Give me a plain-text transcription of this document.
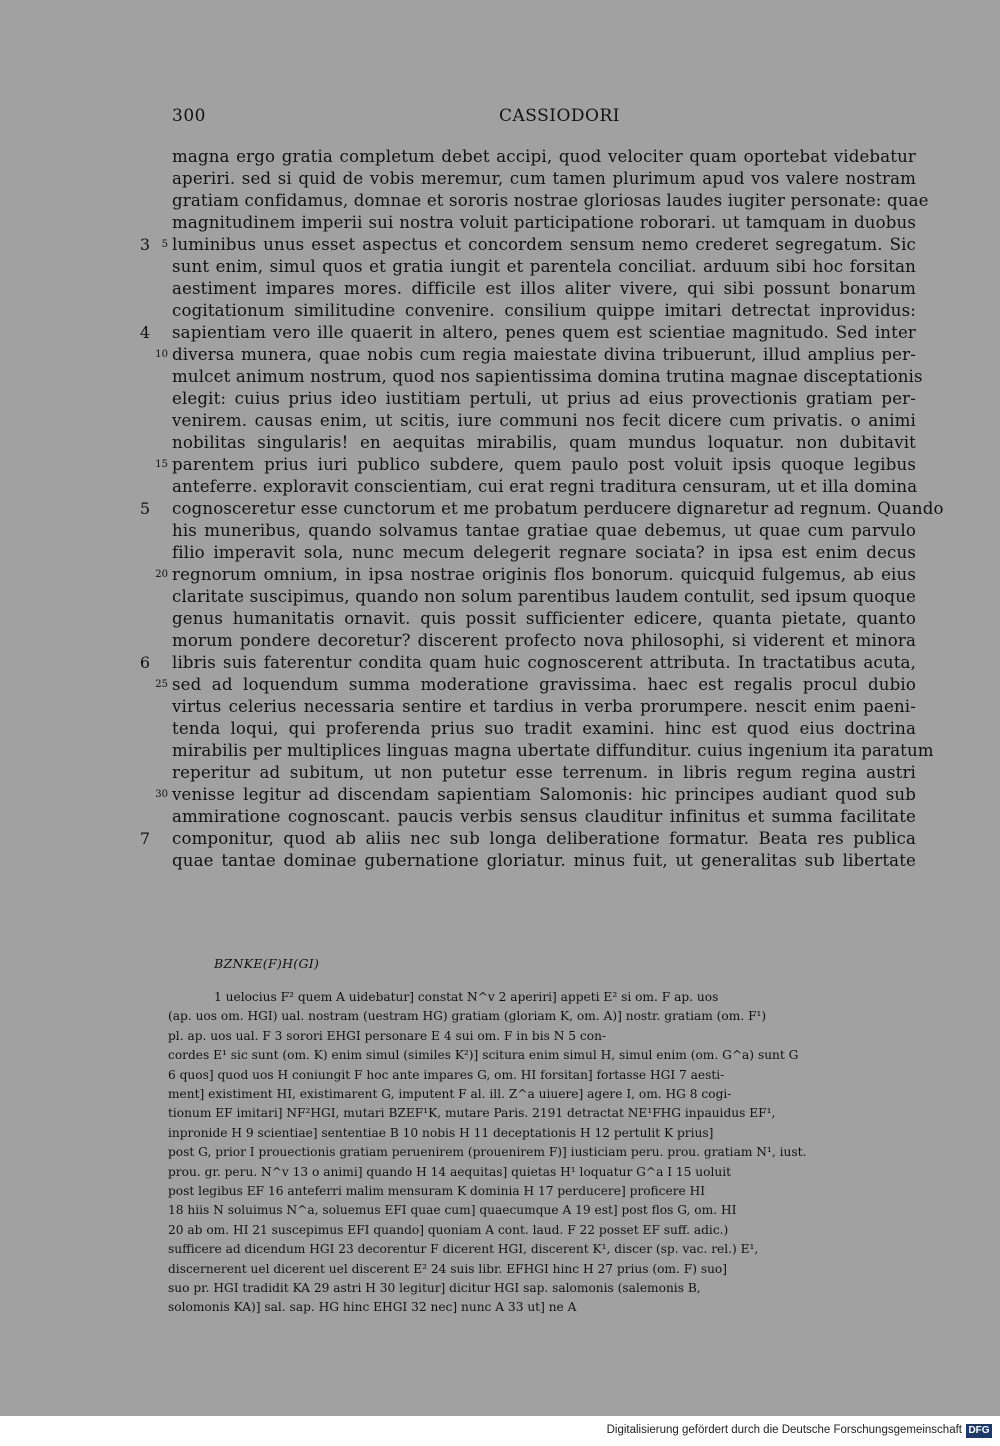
300	CASSIODORI
magna ergo gratia completum debet accipi, quod velociter quam oportebat videbatur
aperiri. sed si quid de vobis meremur, cum tamen plurimum apud vos valere nostram
gratiam confidamus, domnae et sororis nostrae gloriosas laudes iugiter personate: quae
magnitudinem imperii sui nostra voluit participatione roborari. ut tamquam in duobus
luminibus unus esset aspectus et concordem sensum nemo crederet segregatum. Sic
sunt enim, simul quos et gratia iungit et parentela conciliat. arduum sibi hoc forsitan
aestiment impares mores. difficile est illos aliter vivere, qui sibi possunt bonarum
cogitationum similitudine convenire. consilium quippe imitari detrectat inprovidus:
sapientiam vero ille quaerit in altero, penes quem est scientiae magnitudo. Sed inter
diversa munera, quae nobis cum regia maiestate divina tribuerunt, illud amplius per-
mulcet animum nostrum, quod nos sapientissima domina trutina magnae disceptationis
elegit: cuius prius ideo iustitiam pertuli, ut prius ad eius provectionis gratiam per-
venirem. causas enim, ut scitis, iure communi nos fecit dicere cum privatis. o animi
nobilitas singularis! en aequitas mirabilis, quam mundus loquatur. non dubitavit
parentem prius iuri publico subdere, quem paulo post voluit ipsis quoque legibus
anteferre. exploravit conscientiam, cui erat regni traditura censuram, ut et illa domina
cognosceretur esse cunctorum et me probatum perducere dignaretur ad regnum. Quando
his muneribus, quando solvamus tantae gratiae quae debemus, ut quae cum parvulo
filio imperavit sola, nunc mecum delegerit regnare sociata? in ipsa est enim decus
regnorum omnium, in ipsa nostrae originis flos bonorum. quicquid fulgemus, ab eius
claritate suscipimus, quando non solum parentibus laudem contulit, sed ipsum quoque
genus humanitatis ornavit. quis possit sufficienter edicere, quanta pietate, quanto
morum pondere decoretur? discerent profecto nova philosophi, si viderent et minora
libris suis faterentur condita quam huic cognoscerent attributa. In tractatibus acuta,
sed ad loquendum summa moderatione gravissima. haec est regalis procul dubio
virtus celerius necessaria sentire et tardius in verba prorumpere. nescit enim paeni-
tenda loqui, qui proferenda prius suo tradit examini. hinc est quod eius doctrina
mirabilis per multiplices linguas magna ubertate diffunditur. cuius ingenium ita paratum
reperitur ad subitum, ut non putetur esse terrenum. in libris regum regina austri
venisse legitur ad discendam sapientiam Salomonis: hic principes audiant quod sub
ammiratione cognoscant. paucis verbis sensus clauditur infinitus et summa facilitate
componitur, quod ab aliis nec sub longa deliberatione formatur. Beata res publica
quae tantae dominae gubernatione gloriatur. minus fuit, ut generalitas sub libertate
3
4
5
6
7
5
10
15
20
25
30
BZNKE(F)H(GI)
1 uelocius F² quem A uidebatur] constat N^v 2 aperiri] appeti E² si om. F ap. uos
(ap. uos om. HGI) ual. nostram (uestram HG) gratiam (gloriam K, om. A)] nostr. gratiam (om. F¹)
pl. ap. uos ual. F 3 sorori EHGI personare E 4 sui om. F in bis N 5 con-
cordes E¹ sic sunt (om. K) enim simul (similes K²)] scitura enim simul H, simul enim (om. G^a) sunt G
6 quos] quod uos H coniungit F hoc ante impares G, om. HI forsitan] fortasse HGI 7 aesti-
ment] existiment HI, existimarent G, imputent F al. ill. Z^a uiuere] agere I, om. HG 8 cogi-
tionum EF imitari] NF²HGI, mutari BZEF¹K, mutare Paris. 2191 detractat NE¹FHG inpauidus EF¹,
inpronide H 9 scientiae] sententiae B 10 nobis H 11 deceptationis H 12 pertulit K prius]
post G, prior I prouectionis gratiam peruenirem (prouenirem F)] iusticiam peru. prou. gratiam N¹, iust.
prou. gr. peru. N^v 13 o animi] quando H 14 aequitas] quietas H¹ loquatur G^a I 15 uoluit
post legibus EF 16 anteferri malim mensuram K dominia H 17 perducere] proficere HI
18 hiis N soluimus N^a, soluemus EFI quae cum] quaecumque A 19 est] post flos G, om. HI
20 ab om. HI 21 suscepimus EFI quando] quoniam A cont. laud. F 22 posset EF suff. adic.)
sufficere ad dicendum HGI 23 decorentur F dicerent HGI, discerent K¹, discer (sp. vac. rel.) E¹,
discernerent uel dicerent uel discerent E² 24 suis libr. EFHGI hinc H 27 prius (om. F) suo]
suo pr. HGI tradidit KA 29 astri H 30 legitur] dicitur HGI sap. salomonis (salemonis B,
solomonis KA)] sal. sap. HG hinc EHGI 32 nec] nunc A 33 ut] ne A
Digitalisierung gefördert durch die Deutsche Forschungsgemeinschaft DFG
